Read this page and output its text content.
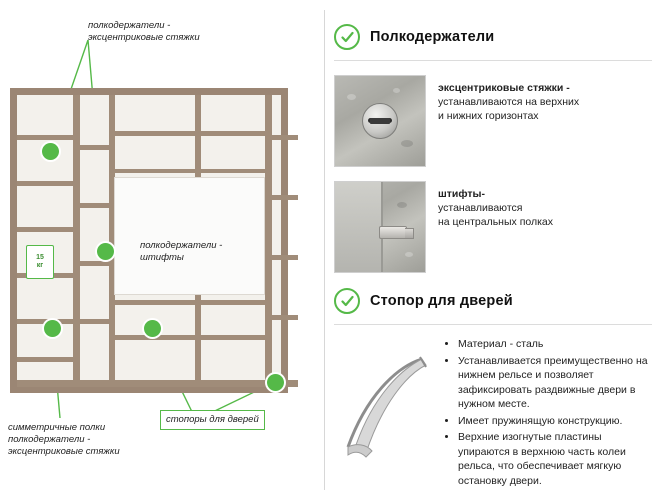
15
кг
полкодержатели -
эксцентриковые стяжки
полкодержатели -
штифты
стопоры для дверей
симметричные полки
полкодержатели -
эксцентриковые стяжки
Полкодержатели
эксцентриковые стяжки -
устанавливаются на верхних
и нижних горизонтах
штифты-
устанавливаются
на центральных полках
Стопор для дверей
• Материал - сталь
• Устанавливается преимущественно на нижнем рельсе и позволяет зафиксировать раздвижные двери в нужном месте.
• Имеет пружинящую конструкцию.
• Верхние изогнутые пластины упираются в верхнюю часть колеи рельса, что обеспечивает мягкую остановку двери.
